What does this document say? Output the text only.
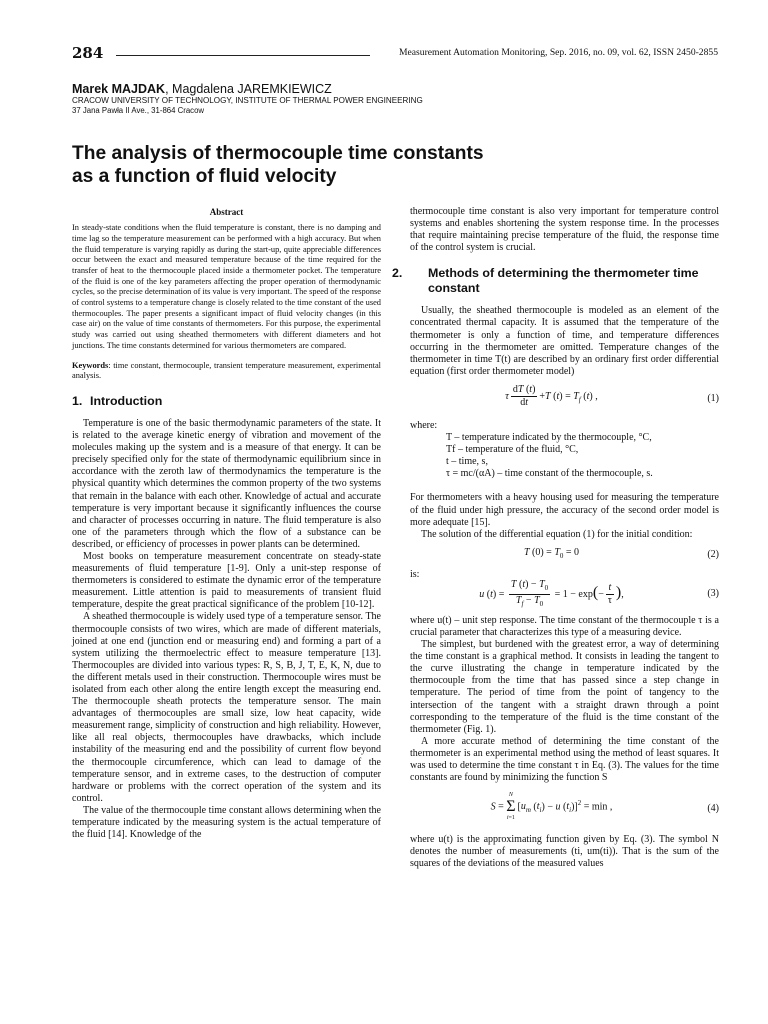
284	Measurement Automation Monitoring, Sep. 2016, no. 09, vol. 62, ISSN 2450-2855
Marek MAJDAK, Magdalena JAREMKIEWICZ
CRACOW UNIVERSITY OF TECHNOLOGY, INSTITUTE OF THERMAL POWER ENGINEERING
37 Jana Pawła II Ave., 31-864 Cracow
The analysis of thermocouple time constants
as a function of fluid velocity
Abstract

In steady-state conditions when the fluid temperature is constant, there is no damping and time lag so the temperature measurement can be performed with a high accuracy. But when the fluid temperature is varying rapidly as during the start-up, quite appreciable differences occur between the exact and measured temperature because of the time required for the transfer of heat to the thermocouple placed inside a thermometer pocket. The temperature of the fluid is one of the key parameters affecting the proper operation of thermodynamic cycles, so the precise determination of its value is very important. The speed of the response of control systems to a temperature change is closely related to the time constant of the used thermocouples. The paper presents a significant impact of fluid velocity changes (in this case air) on the value of time constants of thermometers. For this purpose, the experimental study was carried out using sheathed thermometers with different diameters and hot junctions. The time constants determined for various thermometers are compared.

Keywords: time constant, thermocouple, transient temperature measurement, experimental analysis.

1. Introduction

Temperature is one of the basic thermodynamic parameters of the state. It is related to the average kinetic energy of vibration and movement of the molecules making up the system and is a measure of that energy. It can be precisely specified only for the state of thermodynamic equilibrium since in accordance with the zeroth law of thermodynamics the temperature is the physical quantity which determines the common property of the two systems that remain in the balance with each other. Knowledge of actual and accurate temperature is very important because it significantly influences the course and character of processes occurring in nature. The fluid temperature is also one of the parameters through which the flow of a substance can be described, or efficiency of processes in power plants can be determined.

Most books on temperature measurement concentrate on steady-state measurements of fluid temperature [1-9]. Only a unit-step response of thermometers is considered to estimate the dynamic error of the temperature measurement. Little attention is paid to measurements of transient fluid temperature, despite the great practical significance of the problem [10-12].

A sheathed thermocouple is widely used type of a temperature sensor. The thermocouple consists of two wires, which are made of different materials, joined at one end (junction end or measuring end) and forming a part of a system utilizing the thermoelectric effect to measure temperature [13]. Thermocouples are divided into various types: R, S, B, J, T, E, K, N, due to the different metals used in their construction. Thermocouple wires must be isolated from each other along the entire length except the measuring end. The thermocouple sheath protects the temperature sensor. The main advantages of thermocouples are small size, low heat capacity, wide measurement range, simplicity of construction and high reliability. However, like all real objects, thermocouples have drawbacks, which include instability of the measuring end and the possibility of current flow beyond the thermocouple circumference, which can lead to damage of the temperature sensor, and in extreme cases, to the destruction of computer hardware or problems with the correct operation of the system and its control.

The value of the thermocouple time constant allows determining when the temperature indicated by the measuring system is the actual temperature of the fluid [14]. Knowledge of the

thermocouple time constant is also very important for temperature control systems and enables shortening the system response time. In the processes that require maintaining precise temperature of the fluid, the response time of the control system is crucial.

2. Methods of determining the thermometer time constant

Usually, the sheathed thermocouple is modeled as an element of the concentrated thermal capacity. It is assumed that the temperature of the thermometer is only a function of time, and temperature differences occurring in the thermometer are omitted. Temperature changes of the thermometer in time T(t) are described by an ordinary first order differential equation (first order thermometer model)

τ $\frac{dT (t)}{dt} +T$ $(t) = T_f$ (t) ,	(1)

where:

T – temperature indicated by the thermocouple, °C,
Tf – temperature of the fluid, °C,
t – time, s,
τ = mc/(αA) – time constant of the thermocouple, s.

For thermometers with a heavy housing used for measuring the temperature of the fluid under high pressure, the accuracy of the second order model is more adequate [15].

The solution of the differential equation (1) for the initial condition:

T $(0) = T_0 = 0$	(2)

is:

u $(t) = \frac{T (t) - T_0}{T_f - T_0} = 1 - \exp(- \frac{t}{\tau}$ ),	(3)

where u(t) – unit step response. The time constant of the thermocouple τ is a crucial parameter that characterizes this type of a measuring device.

The simplest, but burdened with the greatest error, a way of determining the time constant is a graphical method. It consists in leading the tangent to the curve illustrating the change in temperature indicated by the thermocouple from the time that has passed since a step change in temperature. The period of time from the point of tangency to the intersection of the tangent with a straight drawn through a point corresponding to the temperature of the fluid is the time constant of the thermometer (Fig. 1).

A more accurate method of determining the time constant of the thermometer is an experimental method using the method of least squares. It was used to determine the time constant τ in Eq. (3). The values for the time constants are found by minimizing the function S

S =
N
Σ
i=1
[$u_m$ $(t_i) - u$ $(t_i)]^2 = \min$ ,	(4)

where u(t) is the approximating function given by Eq. (3). The symbol N denotes the number of measurements (ti, um(ti)). That is the sum of the squares of the deviations of the measured values
